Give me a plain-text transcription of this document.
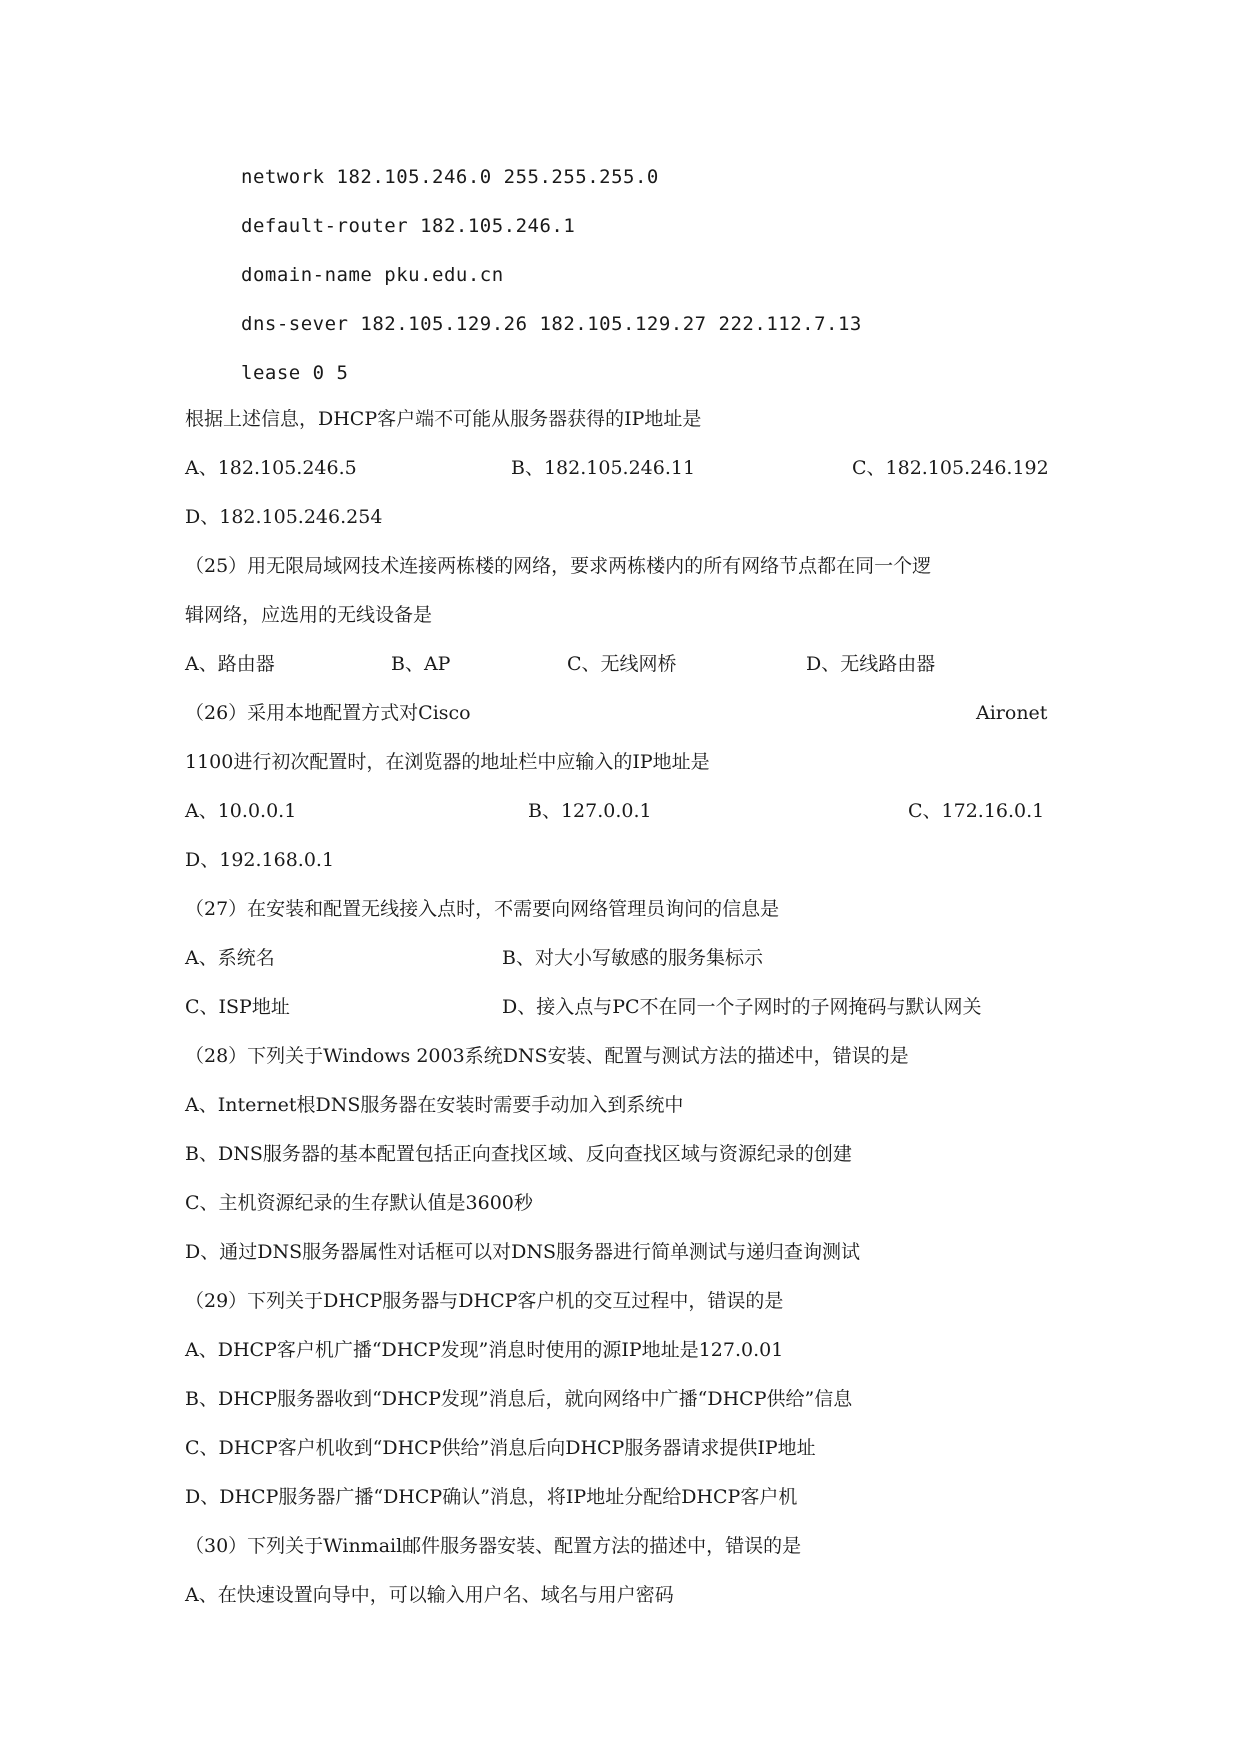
network 182.105.246.0 255.255.255.0
default-router 182.105.246.1
domain-name pku.edu.cn
dns-sever 182.105.129.26 182.105.129.27 222.112.7.13
lease 0 5
根据上述信息，DHCP客户端不可能从服务器获得的IP地址是

A、182.105.246.5

	B、182.105.246.11

	C、182.105.246.192

D、182.105.246.254

（25）用无限局域网技术连接两栋楼的网络，要求两栋楼内的所有网络节点都在同一个逻
辑网络，应选用的无线设备是

A、路由器

	B、AP

	C、无线网桥

	D、无线路由器

（26）采用本地配置方式对Cisco

	Aironet

1100进行初次配置时，在浏览器的地址栏中应输入的IP地址是

A、10.0.0.1

	B、127.0.0.1

	C、172.16.0.1

D、192.168.0.1

（27）在安装和配置无线接入点时，不需要向网络管理员询问的信息是

A、系统名

	B、对大小写敏感的服务集标示

C、ISP地址

	D、接入点与PC不在同一个子网时的子网掩码与默认网关

（28）下列关于Windows 2003系统DNS安装、配置与测试方法的描述中，错误的是
A、Internet根DNS服务器在安装时需要手动加入到系统中
B、DNS服务器的基本配置包括正向查找区域、反向查找区域与资源纪录的创建
C、主机资源纪录的生存默认值是3600秒
D、通过DNS服务器属性对话框可以对DNS服务器进行简单测试与递归查询测试
（29）下列关于DHCP服务器与DHCP客户机的交互过程中，错误的是
A、DHCP客户机广播“DHCP发现”消息时使用的源IP地址是127.0.01
B、DHCP服务器收到“DHCP发现”消息后，就向网络中广播“DHCP供给”信息
C、DHCP客户机收到“DHCP供给”消息后向DHCP服务器请求提供IP地址
D、DHCP服务器广播“DHCP确认”消息，将IP地址分配给DHCP客户机
（30）下列关于Winmail邮件服务器安装、配置方法的描述中，错误的是
A、在快速设置向导中，可以输入用户名、域名与用户密码
